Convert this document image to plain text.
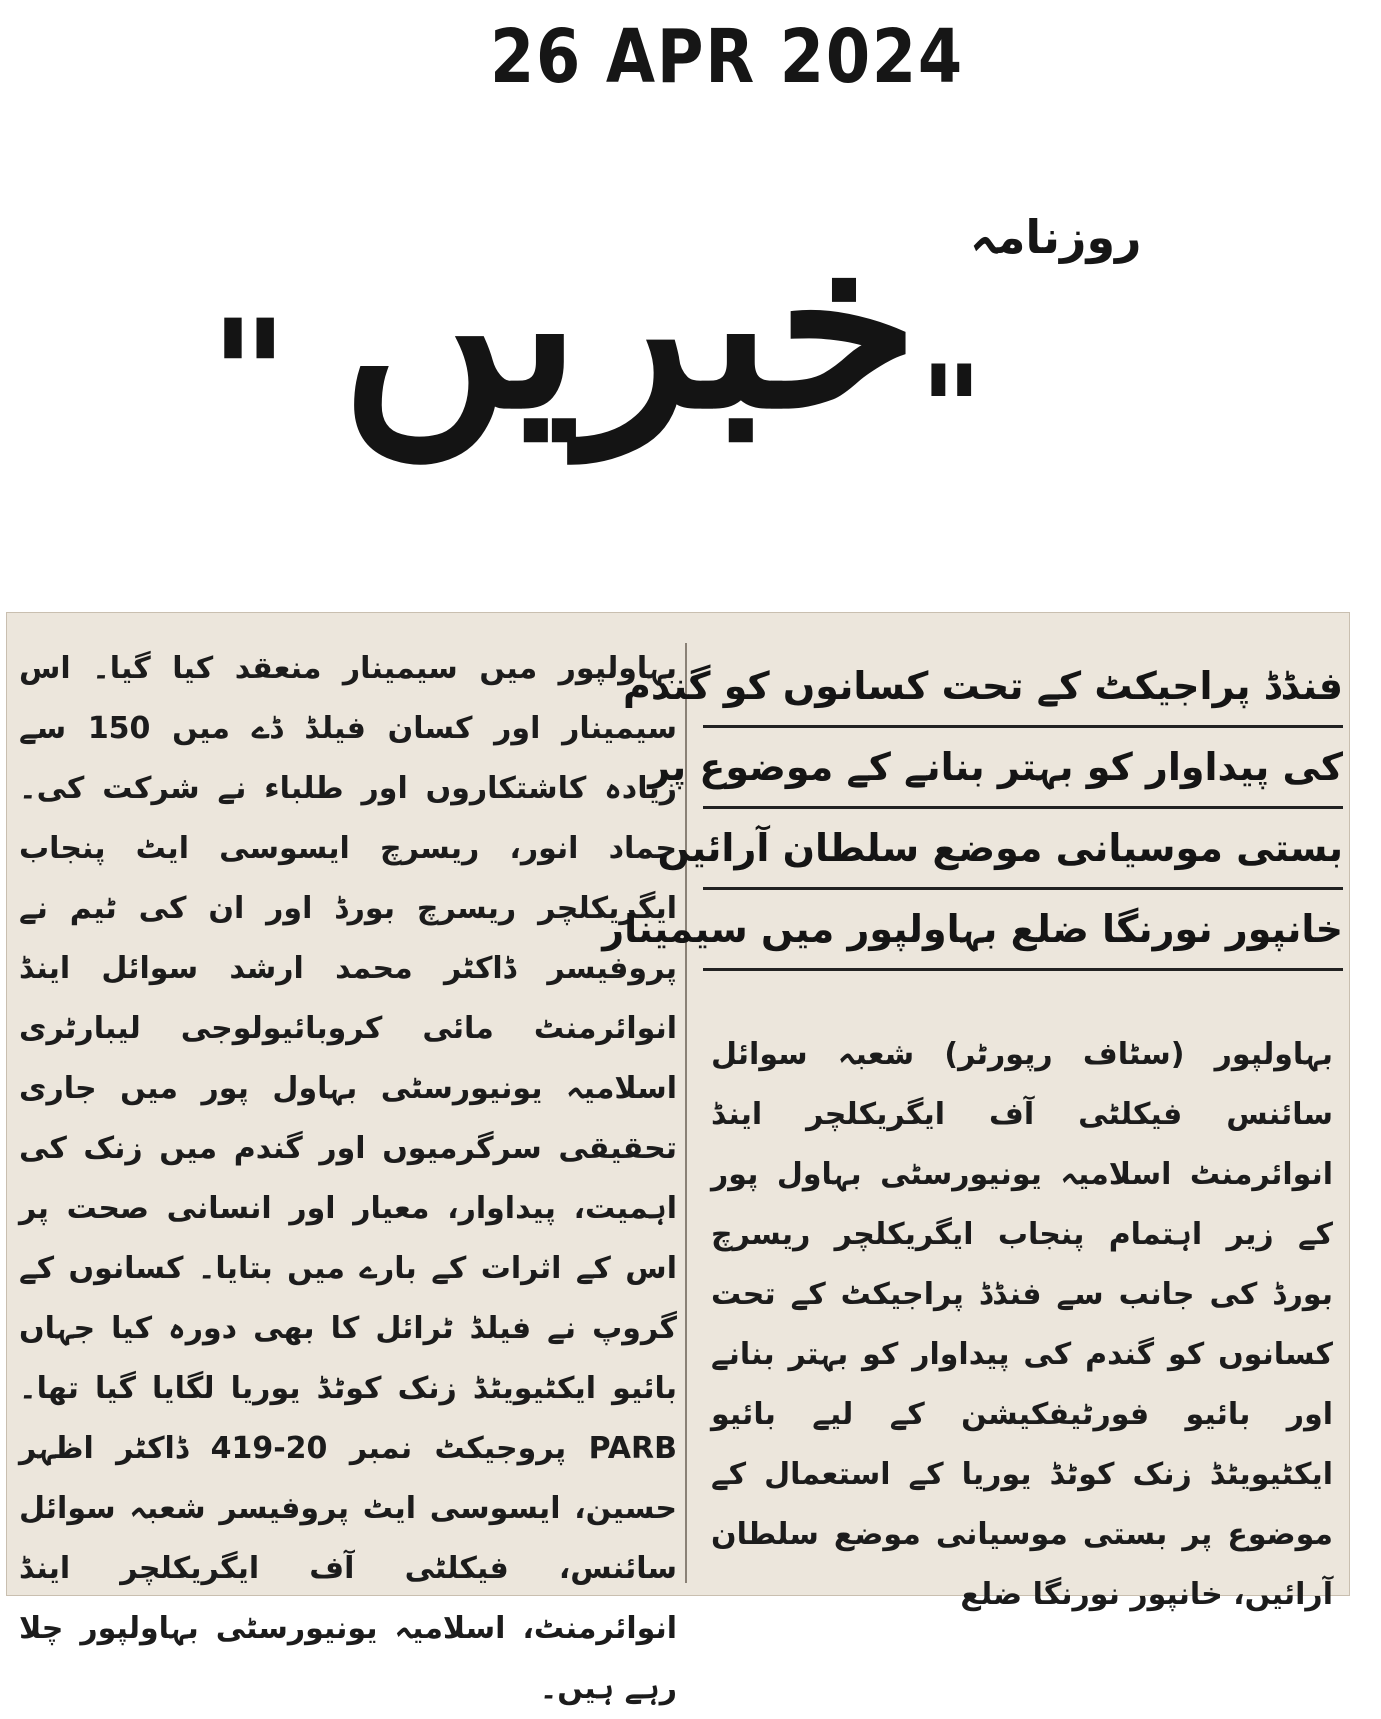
26 APR 2024
روزنامہ
" خبریں "

بہاولپور میں سیمینار منعقد کیا گیا۔ اس سیمینار اور کسان فیلڈ ڈے میں 150 سے زیادہ کاشتکاروں اور طلباء نے شرکت کی۔ حماد انور، ریسرچ ایسوسی ایٹ پنجاب ایگریکلچر ریسرچ بورڈ اور ان کی ٹیم نے پروفیسر ڈاکٹر محمد ارشد سوائل اینڈ انوائرمنٹ مائی کروبائیولوجی لیبارٹری اسلامیہ یونیورسٹی بہاول پور میں جاری تحقیقی سرگرمیوں اور گندم میں زنک کی اہمیت، پیداوار، معیار اور انسانی صحت پر اس کے اثرات کے بارے میں بتایا۔ کسانوں کے گروپ نے فیلڈ ٹرائل کا بھی دورہ کیا جہاں بائیو ایکٹیویٹڈ زنک کوٹڈ یوریا لگایا گیا تھا۔ PARB پروجیکٹ نمبر 20-419 ڈاکٹر اظہر حسین، ایسوسی ایٹ پروفیسر شعبہ سوائل سائنس، فیکلٹی آف ایگریکلچر اینڈ انوائرمنٹ، اسلامیہ یونیورسٹی بہاولپور چلا رہے ہیں۔

فنڈڈ پراجیکٹ کے تحت کسانوں کو گندم
کی پیداوار کو بہتر بنانے کے موضوع پر
بستی موسیانی موضع سلطان آرائیں
خانپور نورنگا ضلع بہاولپور میں سیمینار

بہاولپور (سٹاف رپورٹر) شعبہ سوائل سائنس فیکلٹی آف ایگریکلچر اینڈ انوائرمنٹ اسلامیہ یونیورسٹی بہاول پور کے زیر اہتمام پنجاب ایگریکلچر ریسرچ بورڈ کی جانب سے فنڈڈ پراجیکٹ کے تحت کسانوں کو گندم کی پیداوار کو بہتر بنانے اور بائیو فورٹیفکیشن کے لیے بائیو ایکٹیویٹڈ زنک کوٹڈ یوریا کے استعمال کے موضوع پر بستی موسیانی موضع سلطان آرائیں، خانپور نورنگا ضلع
